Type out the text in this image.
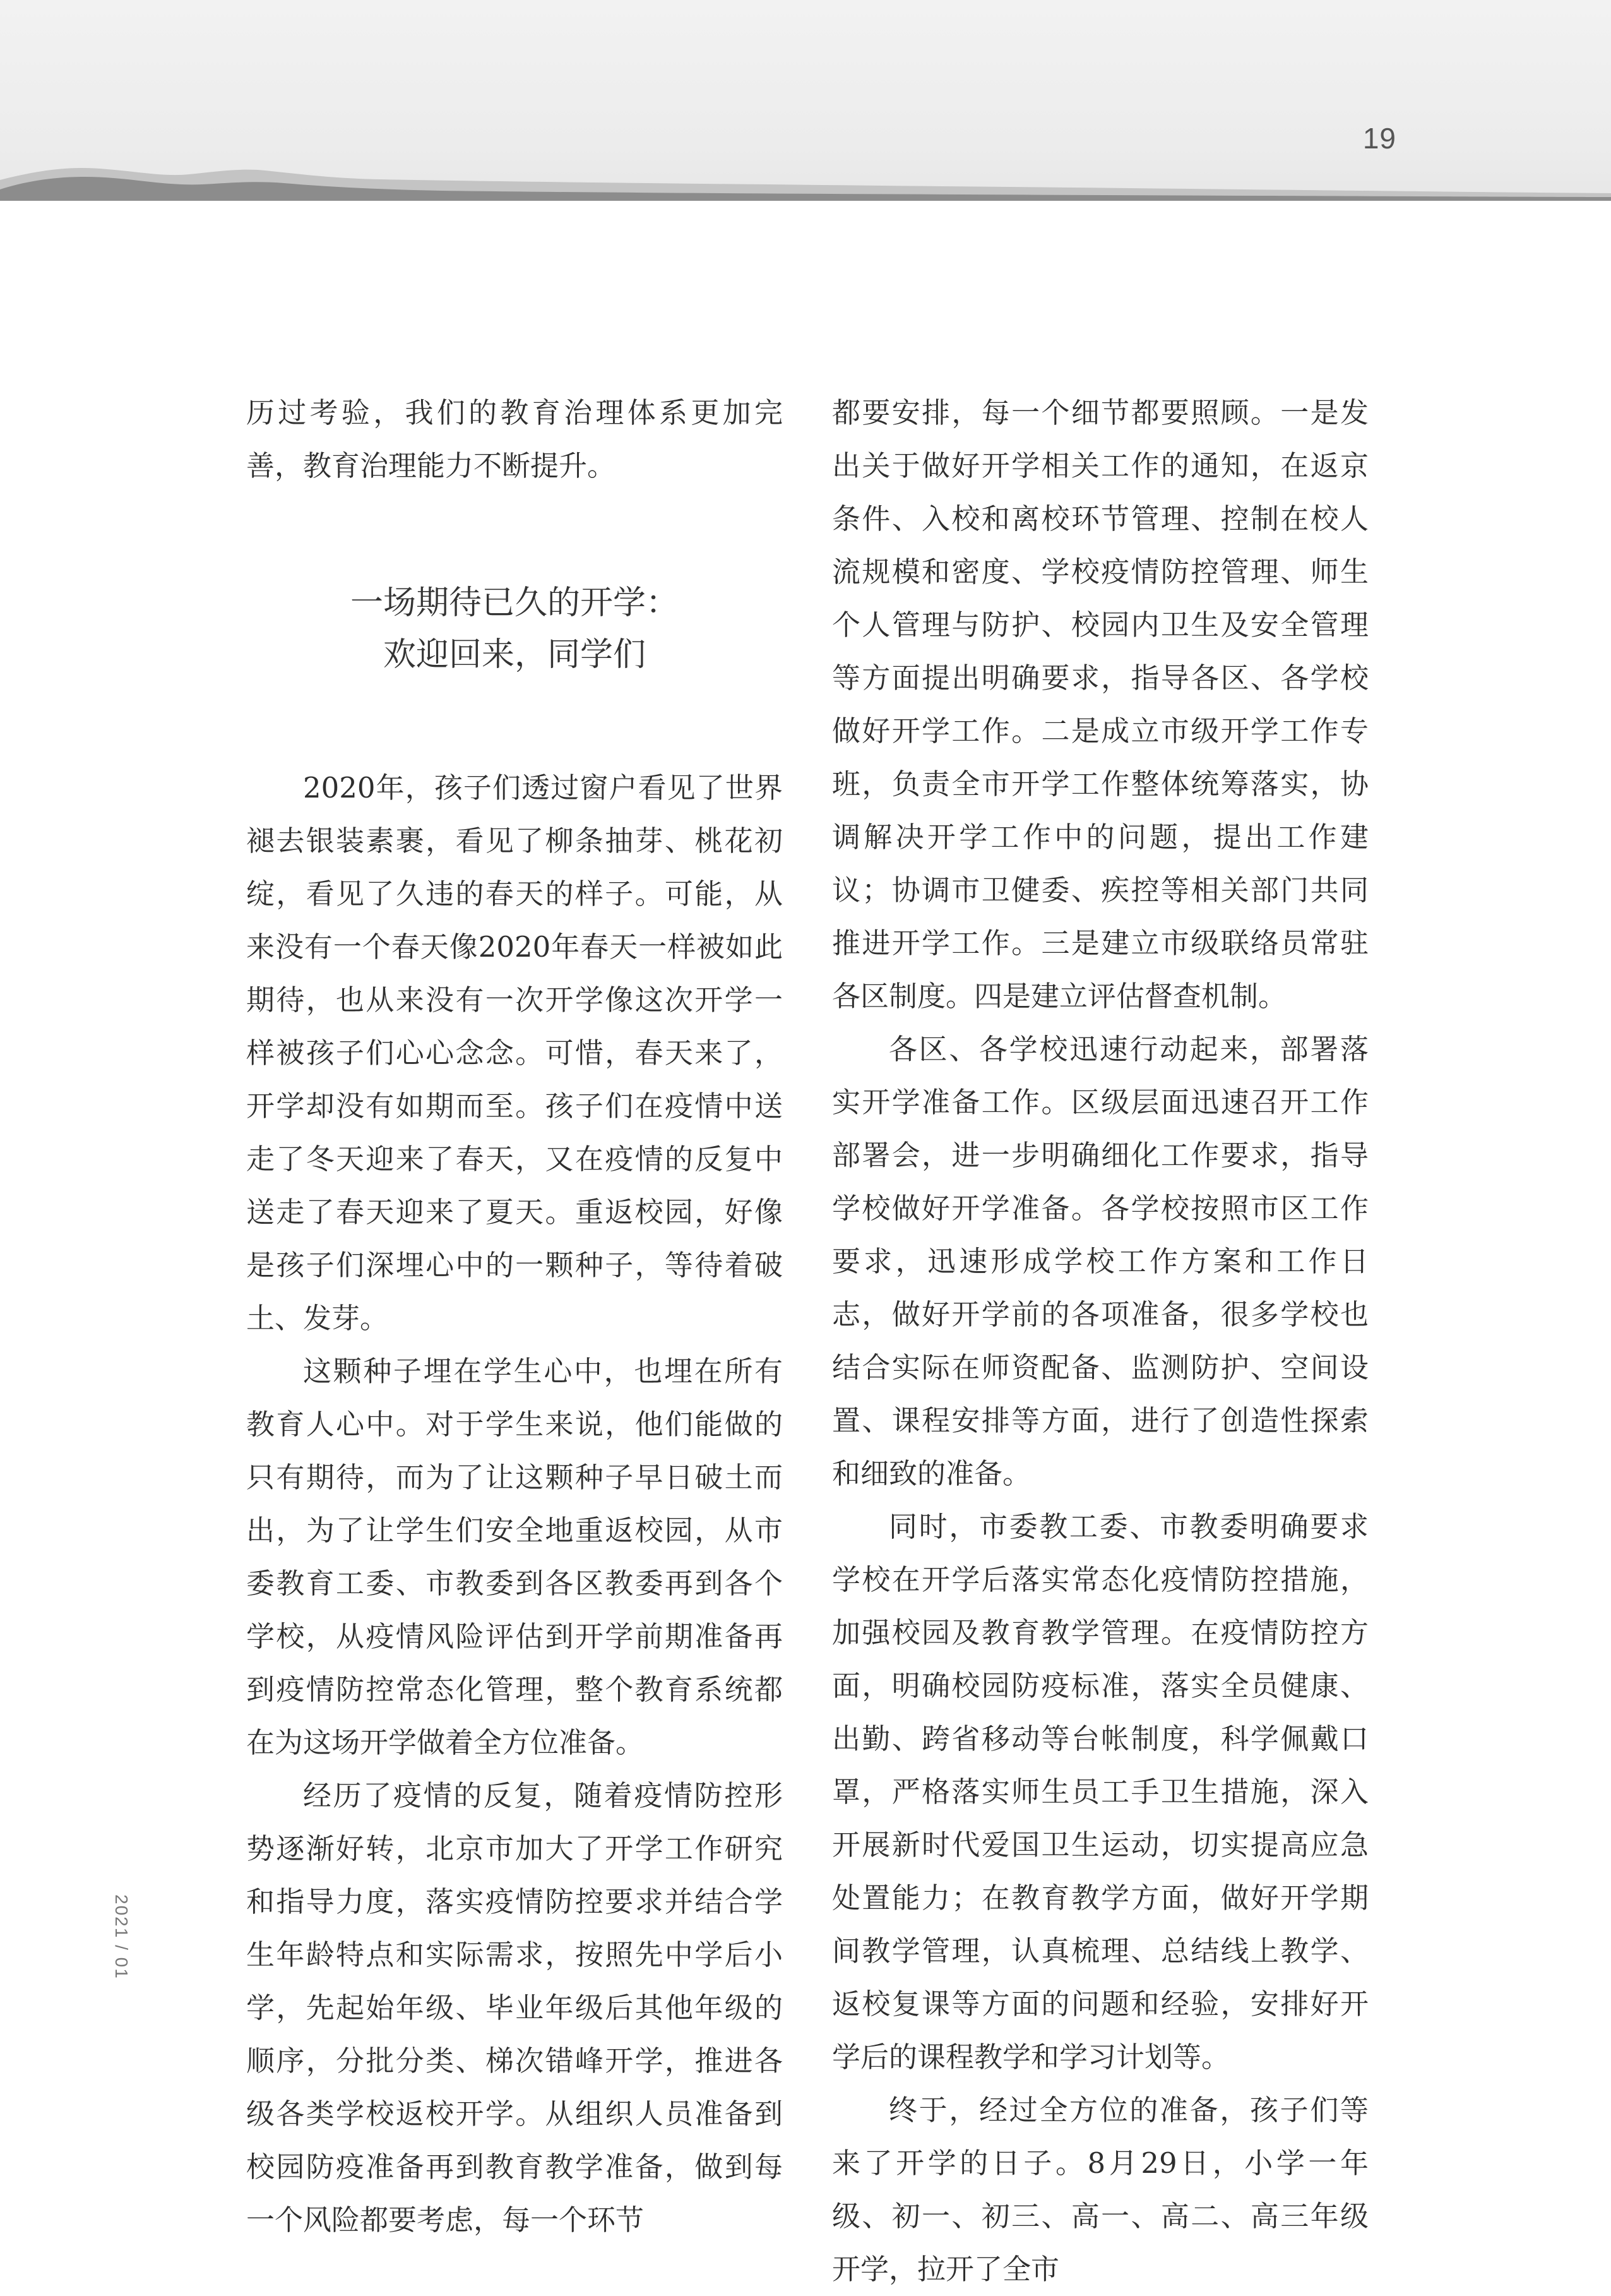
19
2021 / 01

历过考验，我们的教育治理体系更加完善，教育治理能力不断提升。

一场期待已久的开学：
欢迎回来，同学们

2020年，孩子们透过窗户看见了世界褪去银装素裹，看见了柳条抽芽、桃花初绽，看见了久违的春天的样子。可能，从来没有一个春天像2020年春天一样被如此期待，也从来没有一次开学像这次开学一样被孩子们心心念念。可惜，春天来了，开学却没有如期而至。孩子们在疫情中送走了冬天迎来了春天，又在疫情的反复中送走了春天迎来了夏天。重返校园，好像是孩子们深埋心中的一颗种子，等待着破土、发芽。

这颗种子埋在学生心中，也埋在所有教育人心中。对于学生来说，他们能做的只有期待，而为了让这颗种子早日破土而出，为了让学生们安全地重返校园，从市委教育工委、市教委到各区教委再到各个学校，从疫情风险评估到开学前期准备再到疫情防控常态化管理，整个教育系统都在为这场开学做着全方位准备。

经历了疫情的反复，随着疫情防控形势逐渐好转，北京市加大了开学工作研究和指导力度，落实疫情防控要求并结合学生年龄特点和实际需求，按照先中学后小学，先起始年级、毕业年级后其他年级的顺序，分批分类、梯次错峰开学，推进各级各类学校返校开学。从组织人员准备到校园防疫准备再到教育教学准备，做到每一个风险都要考虑，每一个环节

都要安排，每一个细节都要照顾。一是发出关于做好开学相关工作的通知，在返京条件、入校和离校环节管理、控制在校人流规模和密度、学校疫情防控管理、师生个人管理与防护、校园内卫生及安全管理等方面提出明确要求，指导各区、各学校做好开学工作。二是成立市级开学工作专班，负责全市开学工作整体统筹落实，协调解决开学工作中的问题，提出工作建议；协调市卫健委、疾控等相关部门共同推进开学工作。三是建立市级联络员常驻各区制度。四是建立评估督查机制。

各区、各学校迅速行动起来，部署落实开学准备工作。区级层面迅速召开工作部署会，进一步明确细化工作要求，指导学校做好开学准备。各学校按照市区工作要求，迅速形成学校工作方案和工作日志，做好开学前的各项准备，很多学校也结合实际在师资配备、监测防护、空间设置、课程安排等方面，进行了创造性探索和细致的准备。

同时，市委教工委、市教委明确要求学校在开学后落实常态化疫情防控措施，加强校园及教育教学管理。在疫情防控方面，明确校园防疫标准，落实全员健康、出勤、跨省移动等台帐制度，科学佩戴口罩，严格落实师生员工手卫生措施，深入开展新时代爱国卫生运动，切实提高应急处置能力；在教育教学方面，做好开学期间教学管理，认真梳理、总结线上教学、返校复课等方面的问题和经验，安排好开学后的课程教学和学习计划等。

终于，经过全方位的准备，孩子们等来了开学的日子。8月29日，小学一年级、初一、初三、高一、高二、高三年级开学，拉开了全市
